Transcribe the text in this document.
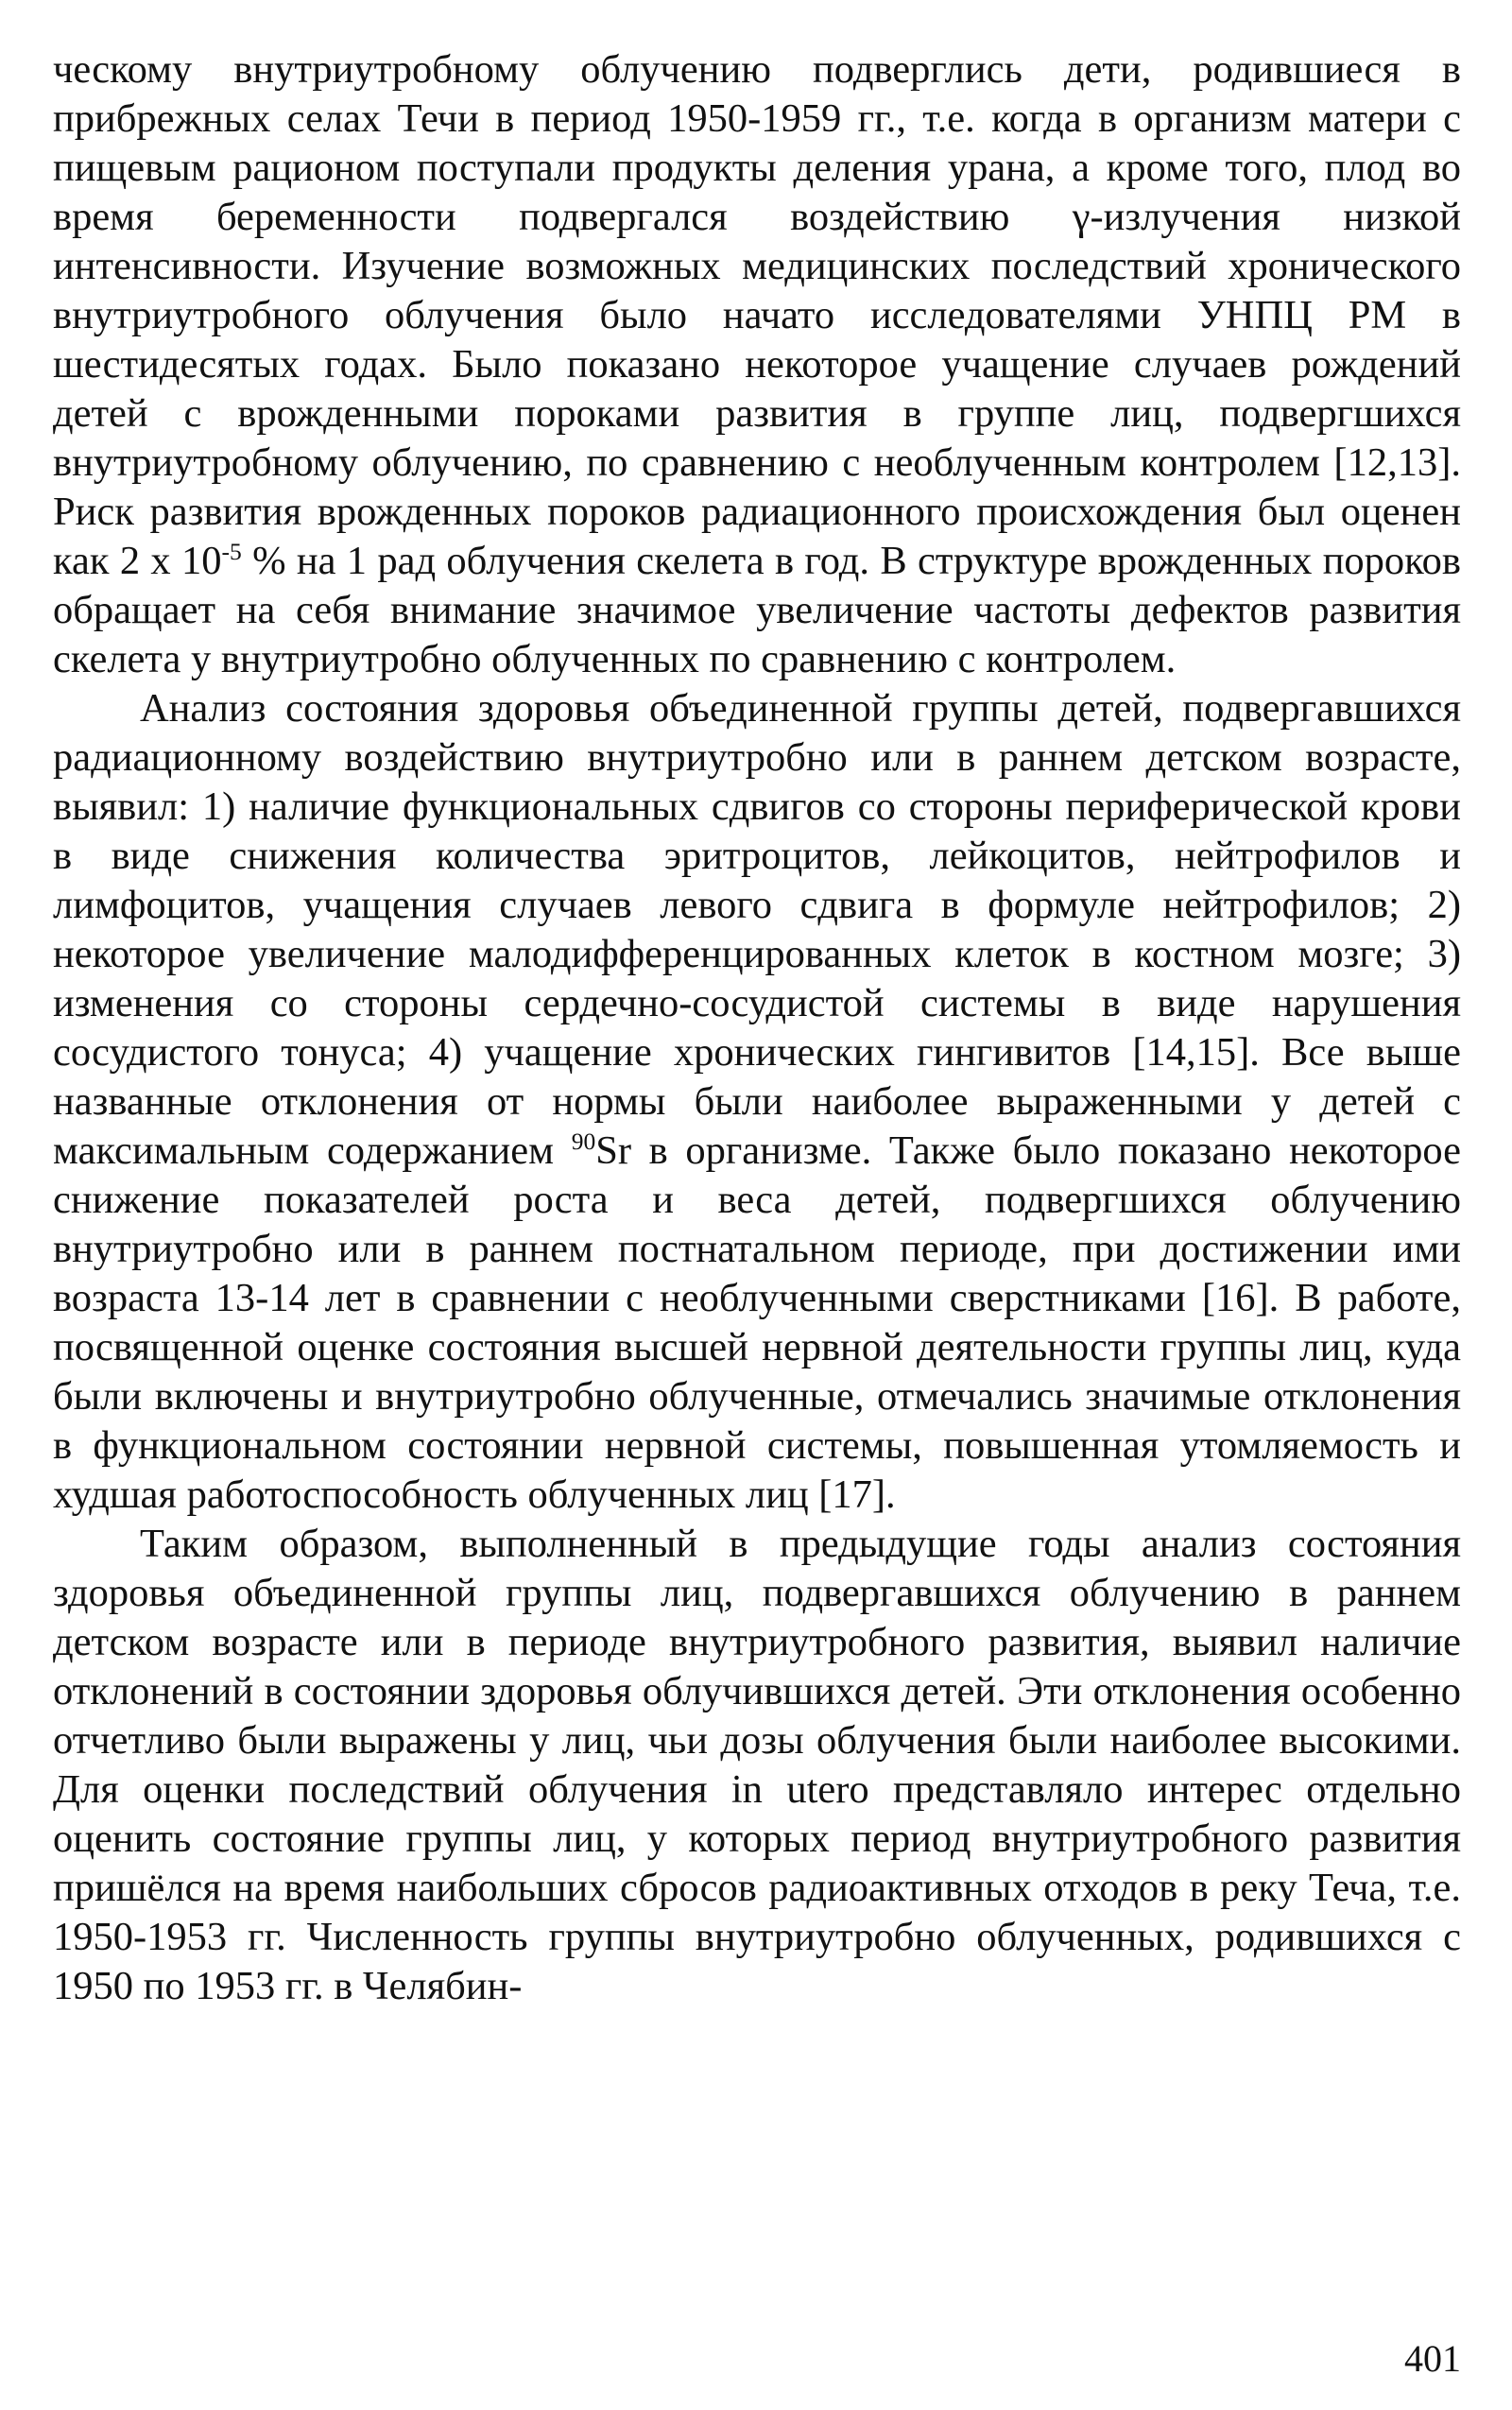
ческому внутриутробному облучению подверглись дети, родившиеся в прибрежных селах Течи в период 1950-1959 гг., т.е. когда в организм матери с пищевым рационом поступали продукты деления урана, а кроме того, плод во время беременности подвергался воздействию γ-излучения низкой интенсивности. Изучение возможных медицинских последствий хронического внутриутробного облучения было начато исследователями УНПЦ РМ в шестидесятых годах. Было показано некоторое учащение случаев рождений детей с врожденными пороками развития в группе лиц, подвергшихся внутриутробному облучению, по сравнению с необлученным контролем [12,13]. Риск развития врожденных пороков радиационного происхождения был оценен как 2 x $10^{-5}$ % на 1 рад облучения скелета в год. В структуре врожденных пороков обращает на себя внимание значимое увеличение частоты дефектов развития скелета у внутриутробно облученных по сравнению с контролем.

Анализ состояния здоровья объединенной группы детей, подвергавшихся радиационному воздействию внутриутробно или в раннем детском возрасте, выявил: 1) наличие функциональных сдвигов со стороны периферической крови в виде снижения количества эритроцитов, лейкоцитов, нейтрофилов и лимфоцитов, учащения случаев левого сдвига в формуле нейтрофилов; 2) некоторое увеличение малодифференцированных клеток в костном мозге; 3) изменения со стороны сердечно-сосудистой системы в виде нарушения сосудистого тонуса; 4) учащение хронических гингивитов [14,15]. Все выше названные отклонения от нормы были наиболее выраженными у детей с максимальным содержанием $^{90}$Sr в организме. Также было показано некоторое снижение показателей роста и веса детей, подвергшихся облучению внутриутробно или в раннем постнатальном периоде, при достижении ими возраста 13-14 лет в сравнении с необлученными сверстниками [16]. В работе, посвященной оценке состояния высшей нервной деятельности группы лиц, куда были включены и внутриутробно облученные, отмечались значимые отклонения в функциональном состоянии нервной системы, повышенная утомляемость и худшая работоспособность облученных лиц [17].

Таким образом, выполненный в предыдущие годы анализ состояния здоровья объединенной группы лиц, подвергавшихся облучению в раннем детском возрасте или в периоде внутриутробного развития, выявил наличие отклонений в состоянии здоровья облучившихся детей. Эти отклонения особенно отчетливо были выражены у лиц, чьи дозы облучения были наиболее высокими. Для оценки последствий облучения in utero представляло интерес отдельно оценить состояние группы лиц, у которых период внутриутробного развития пришёлся на время наибольших сбросов радиоактивных отходов в реку Теча, т.е. 1950-1953 гг. Численность группы внутриутробно облученных, родившихся с 1950 по 1953 гг. в Челябин-

401
